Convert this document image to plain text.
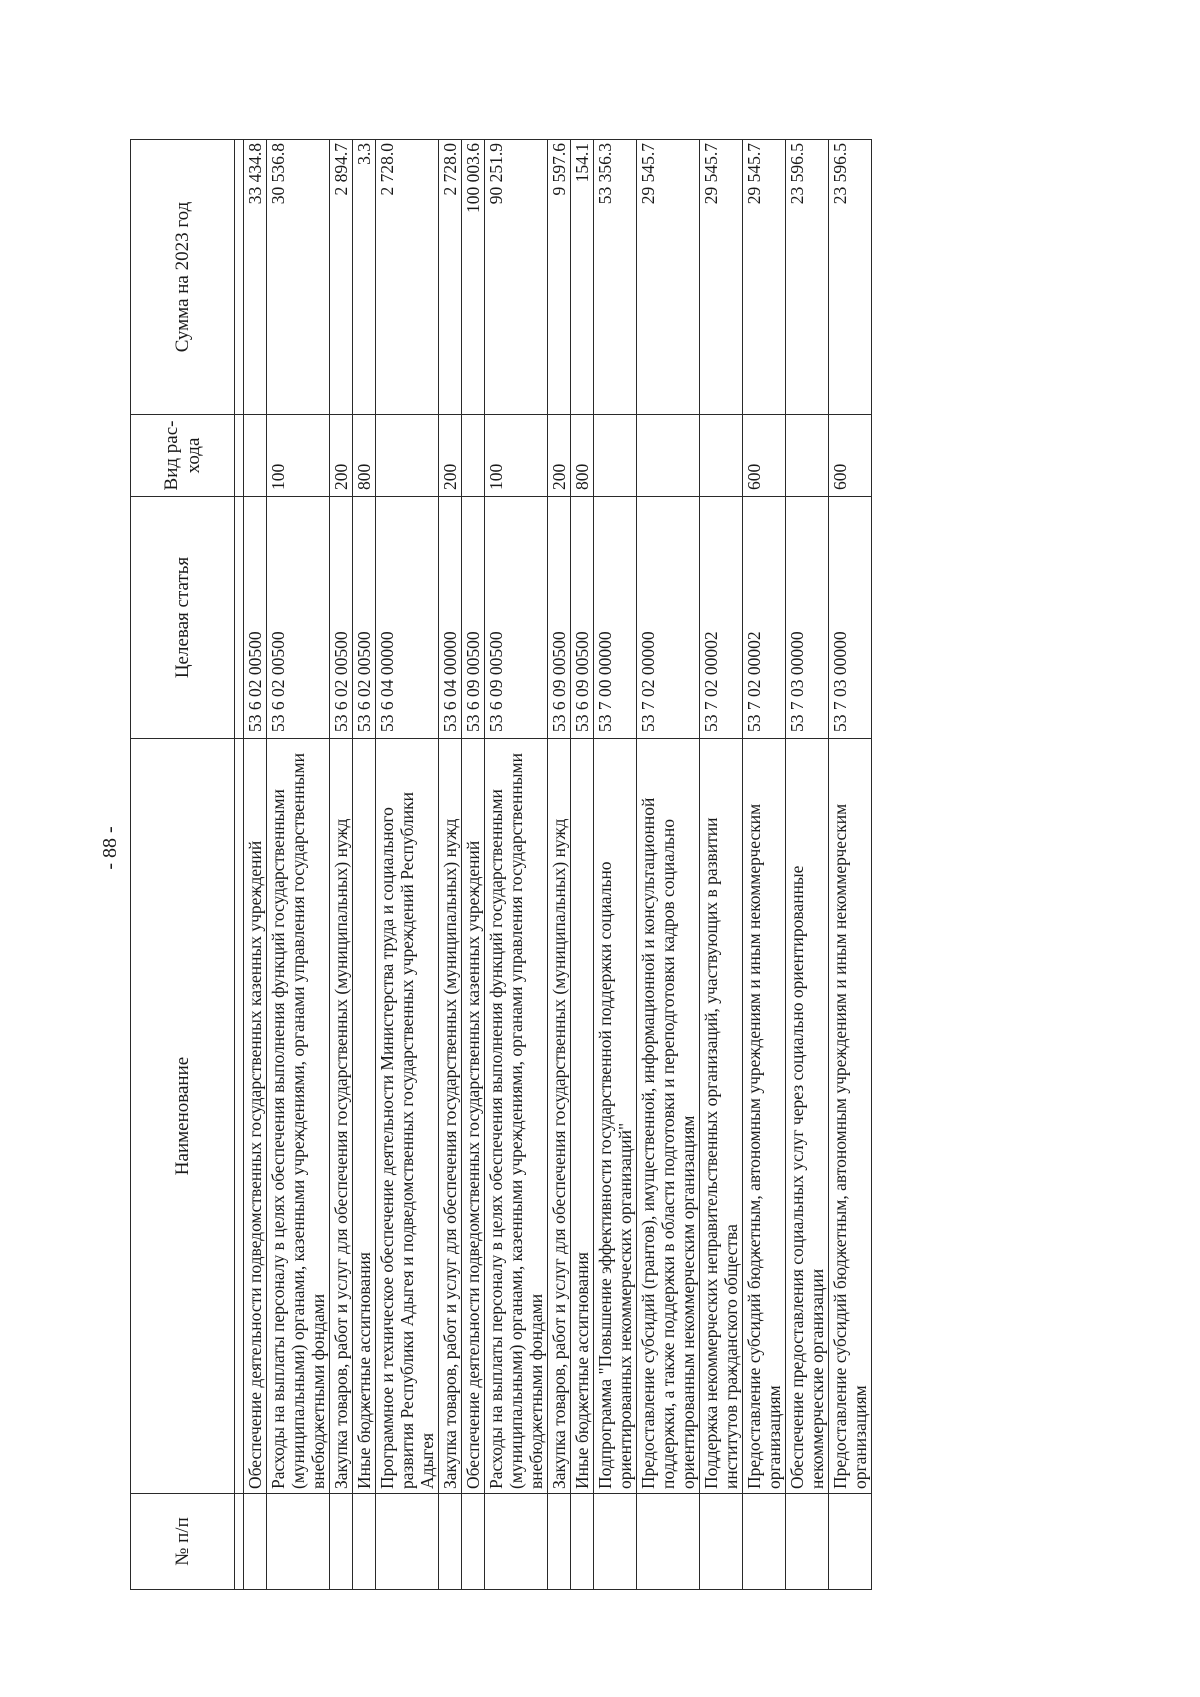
- 88 -
№ п/п	Наименование	Целевая статья	Вид рас- хода	Сумма на 2023 год

	Обеспечение деятельности подведомственных государственных казенных учреждений	53 6 02 00500		33 434.8
	Расходы на выплаты персоналу в целях обеспечения выполнения функций государственными (муниципальными) органами, казенными учреждениями, органами управления государственными внебюджетными фондами	53 6 02 00500	100	30 536.8
	Закупка товаров, работ и услуг для обеспечения государственных (муниципальных) нужд	53 6 02 00500	200	2 894.7
	Иные бюджетные ассигнования	53 6 02 00500	800	3.3
	Программное и техническое обеспечение деятельности Министерства труда и социального развития Республики Адыгея и подведомственных государственных учреждений Республики Адыгея	53 6 04 00000		2 728.0
	Закупка товаров, работ и услуг для обеспечения государственных (муниципальных) нужд	53 6 04 00000	200	2 728.0
	Обеспечение деятельности подведомственных государственных казенных учреждений	53 6 09 00500		100 003.6
	Расходы на выплаты персоналу в целях обеспечения выполнения функций государственными (муниципальными) органами, казенными учреждениями, органами управления государственными внебюджетными фондами	53 6 09 00500	100	90 251.9
	Закупка товаров, работ и услуг для обеспечения государственных (муниципальных) нужд	53 6 09 00500	200	9 597.6
	Иные бюджетные ассигнования	53 6 09 00500	800	154.1
	Подпрограмма "Повышение эффективности государственной поддержки социально ориентированных некоммерческих организаций"	53 7 00 00000		53 356.3
	Предоставление субсидий (грантов), имущественной, информационной и консультационной поддержки, а также поддержки в области подготовки и переподготовки кадров социально ориентированным некоммерческим организациям	53 7 02 00000		29 545.7
	Поддержка некоммерческих неправительственных организаций, участвующих в развитии институтов гражданского общества	53 7 02 00002		29 545.7
	Предоставление субсидий бюджетным, автономным учреждениям и иным некоммерческим организациям	53 7 02 00002	600	29 545.7
	Обеспечение предоставления социальных услуг через социально ориентированные некоммерческие организации	53 7 03 00000		23 596.5
	Предоставление субсидий бюджетным, автономным учреждениям и иным некоммерческим организациям	53 7 03 00000	600	23 596.5
